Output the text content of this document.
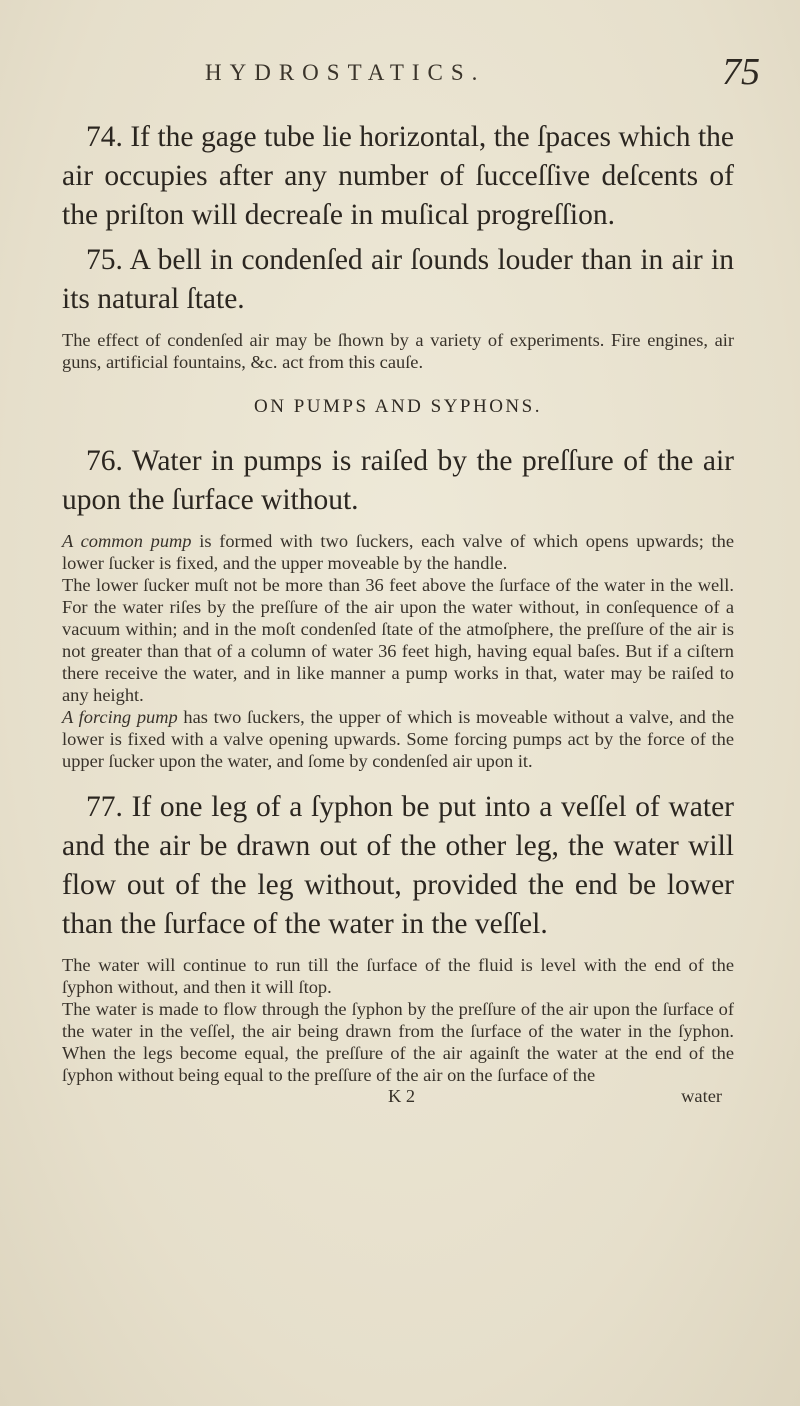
HYDROSTATICS.	75

74. If the gage tube lie horizontal, the ſpaces which the air occupies after any number of ſucceſſive deſcents of the priſton will decreaſe in muſical progreſſion.

75. A bell in condenſed air ſounds louder than in air in its natural ſtate.

The effect of condenſed air may be ſhown by a variety of experiments. Fire engines, air guns, artificial fountains, &c. act from this cauſe.

ON PUMPS AND SYPHONS.

76. Water in pumps is raiſed by the preſſure of the air upon the ſurface without.

A common pump is formed with two ſuckers, each valve of which opens upwards; the lower ſucker is fixed, and the upper moveable by the handle.

The lower ſucker muſt not be more than 36 feet above the ſurface of the water in the well. For the water riſes by the preſſure of the air upon the water without, in conſequence of a vacuum within; and in the moſt condenſed ſtate of the atmoſphere, the preſſure of the air is not greater than that of a column of water 36 feet high, having equal baſes. But if a ciſtern there receive the water, and in like manner a pump works in that, water may be raiſed to any height.

A forcing pump has two ſuckers, the upper of which is moveable without a valve, and the lower is fixed with a valve opening upwards. Some forcing pumps act by the force of the upper ſucker upon the water, and ſome by condenſed air upon it.

77. If one leg of a ſyphon be put into a veſſel of water and the air be drawn out of the other leg, the water will flow out of the leg without, provided the end be lower than the ſurface of the water in the veſſel.

The water will continue to run till the ſurface of the fluid is level with the end of the ſyphon without, and then it will ſtop.

The water is made to flow through the ſyphon by the preſſure of the air upon the ſurface of the water in the veſſel, the air being drawn from the ſurface of the water in the ſyphon. When the legs become equal, the preſſure of the air againſt the water at the end of the ſyphon without being equal to the preſſure of the air on the ſurface of the

K 2	water
